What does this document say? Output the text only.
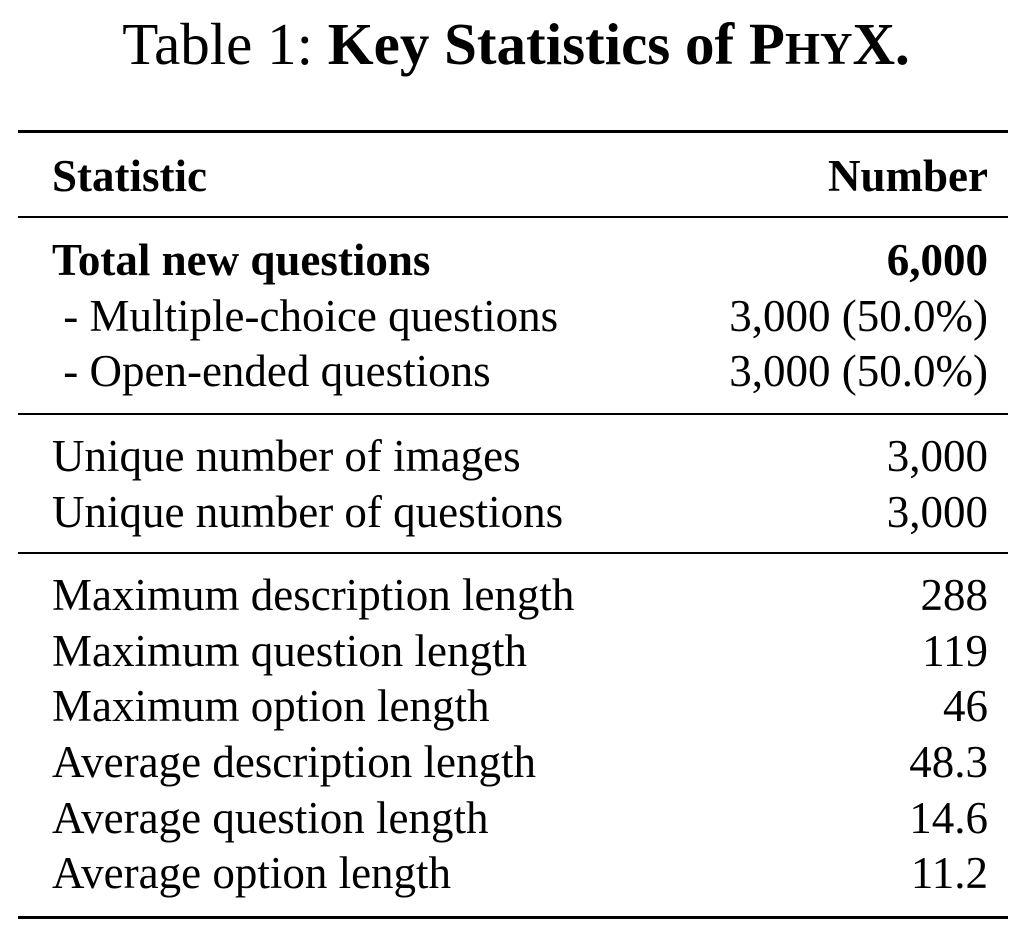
Table 1: Key Statistics of PHYX.
Statistic	Number
Total new questions	6,000
- Multiple-choice questions	3,000 (50.0%)
- Open-ended questions	3,000 (50.0%)
Unique number of images	3,000
Unique number of questions	3,000
Maximum description length	288
Maximum question length	119
Maximum option length	46
Average description length	48.3
Average question length	14.6
Average option length	11.2
